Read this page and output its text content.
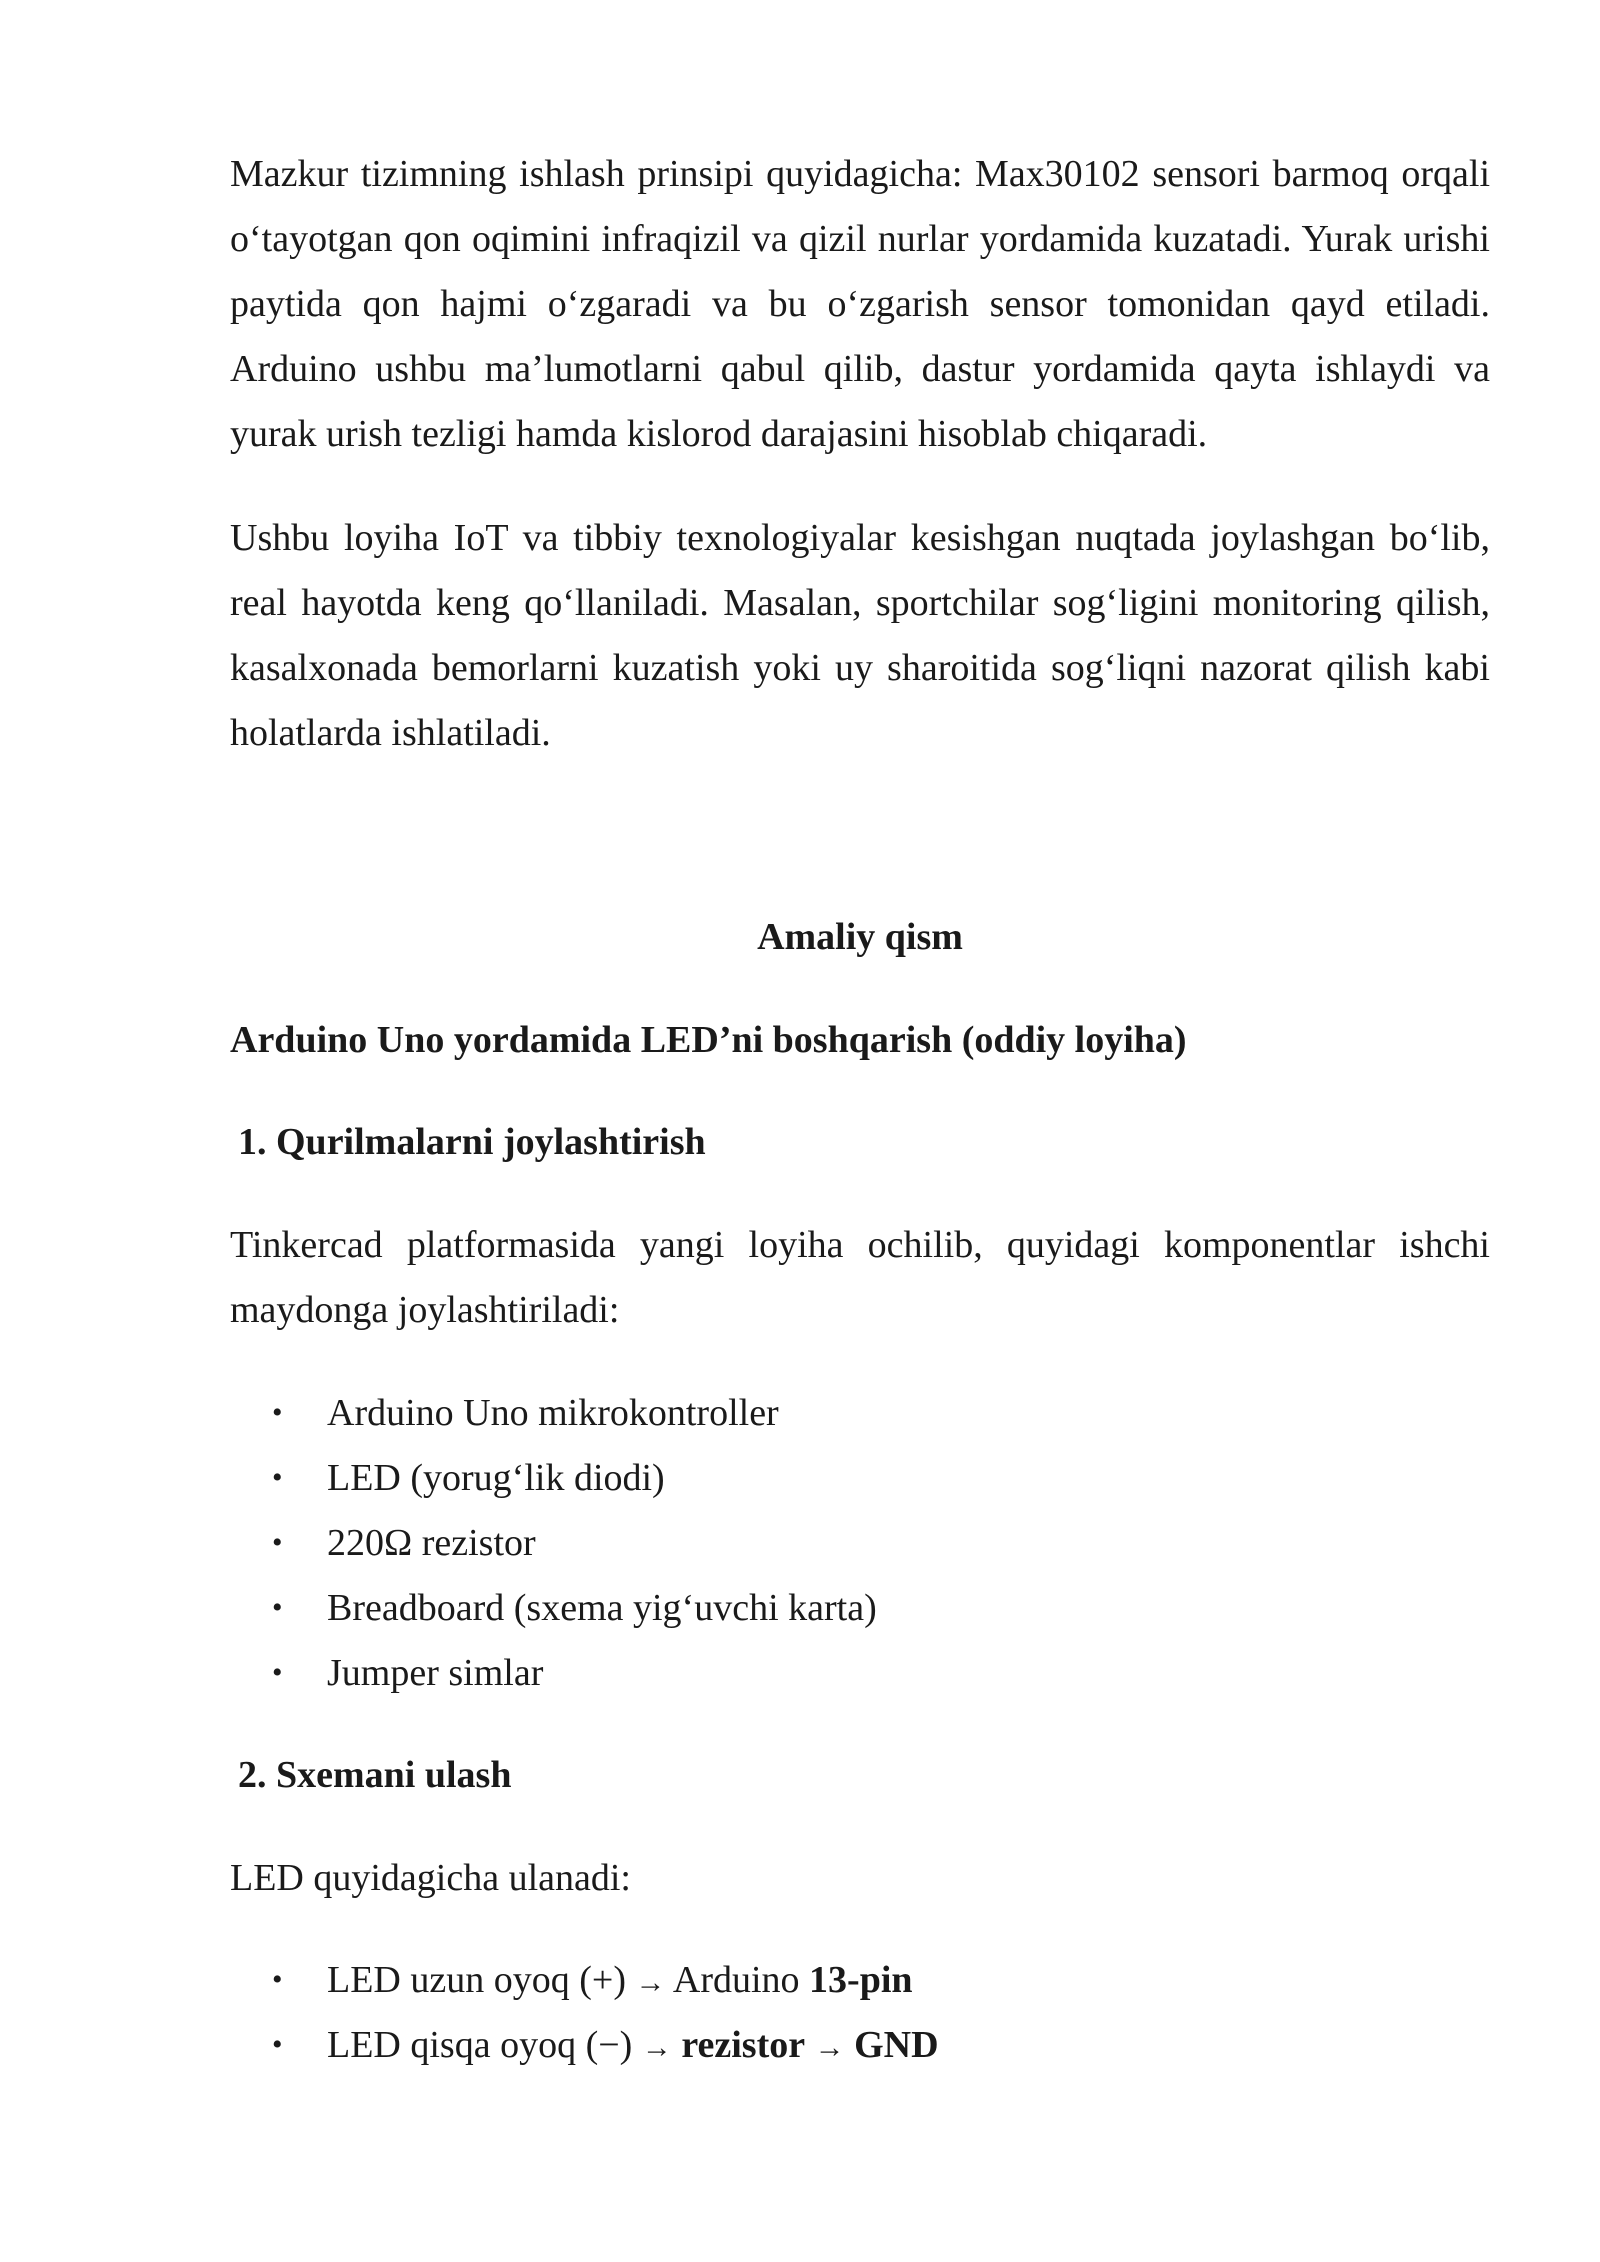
Mazkur tizimning ishlash prinsipi quyidagicha: Max30102 sensori barmoq orqali o‘tayotgan qon oqimini infraqizil va qizil nurlar yordamida kuzatadi. Yurak urishi paytida qon hajmi o‘zgaradi va bu o‘zgarish sensor tomonidan qayd etiladi. Arduino ushbu ma’lumotlarni qabul qilib, dastur yordamida qayta ishlaydi va yurak urish tezligi hamda kislorod darajasini hisoblab chiqaradi.

Ushbu loyiha IoT va tibbiy texnologiyalar kesishgan nuqtada joylashgan bo‘lib, real hayotda keng qo‘llaniladi. Masalan, sportchilar sog‘ligini monitoring qilish, kasalxonada bemorlarni kuzatish yoki uy sharoitida sog‘liqni nazorat qilish kabi holatlarda ishlatiladi.

Amaliy qism

Arduino Uno yordamida LED’ni boshqarish (oddiy loyiha)

1. Qurilmalarni joylashtirish

Tinkercad platformasida yangi loyiha ochilib, quyidagi komponentlar ishchi maydonga joylashtiriladi:

• Arduino Uno mikrokontroller
• LED (yorug‘lik diodi)
• 220Ω rezistor
• Breadboard (sxema yig‘uvchi karta)
• Jumper simlar

2. Sxemani ulash

LED quyidagicha ulanadi:

• LED uzun oyoq (+) → Arduino 13-pin
• LED qisqa oyoq (−) → rezistor → GND
